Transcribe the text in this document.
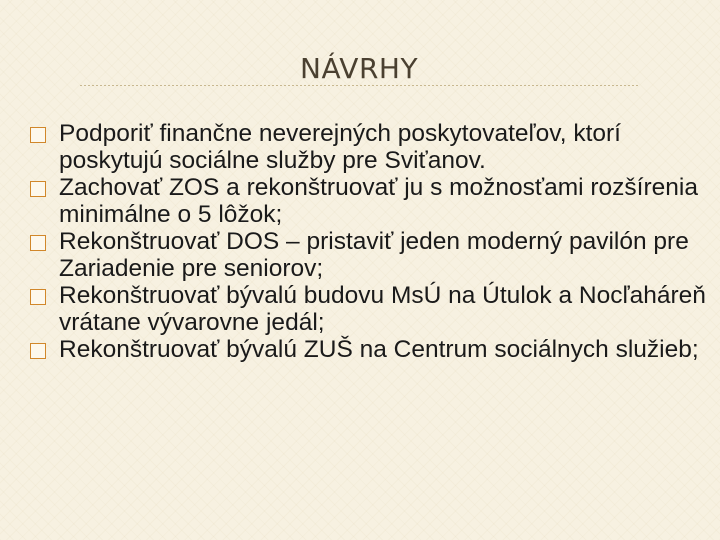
NÁVRHY
Podporiť finančne neverejných poskytovateľov, ktorí poskytujú sociálne služby pre Sviťanov.
Zachovať ZOS a rekonštruovať ju s možnosťami rozšírenia minimálne o 5 lôžok;
Rekonštruovať DOS – pristaviť jeden moderný pavilón pre Zariadenie pre seniorov;
Rekonštruovať bývalú budovu MsÚ na Útulok a Nocľaháreň vrátane vývarovne jedál;
Rekonštruovať bývalú ZUŠ na Centrum sociálnych služieb;
